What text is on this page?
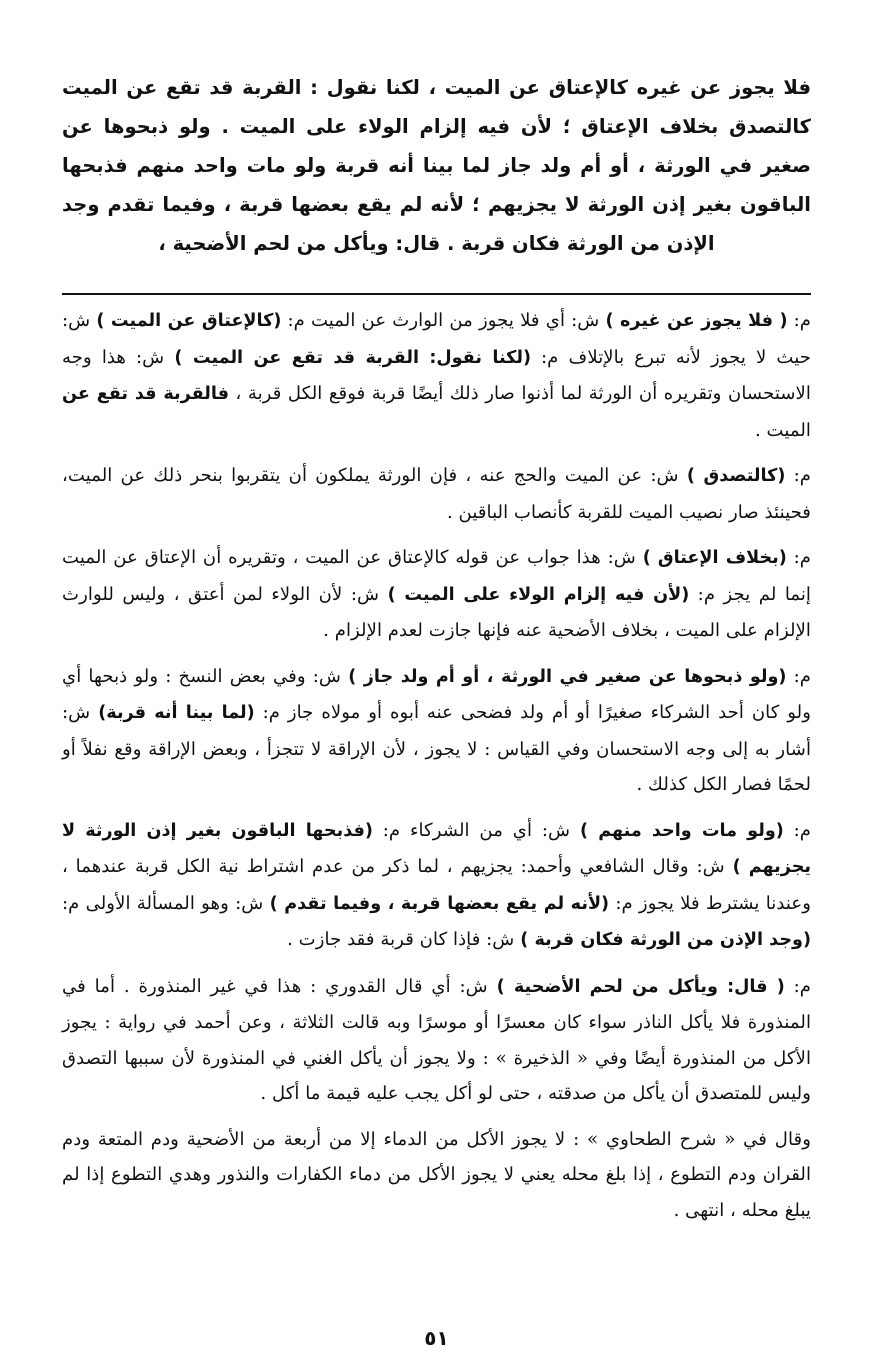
فلا يجوز عن غيره كالإعتاق عن الميت ، لكنا نقول : القربة قد تقع عن الميت كالتصدق بخلاف الإعتاق ؛ لأن فيه إلزام الولاء على الميت . ولو ذبحوها عن صغير في الورثة ، أو أم ولد جاز لما بينا أنه قربة ولو مات واحد منهم فذبحها الباقون بغير إذن الورثة لا يجزيهم ؛ لأنه لم يقع بعضها قربة ، وفيما تقدم وجد الإذن من الورثة فكان قربة . قال: ويأكل من لحم الأضحية ،

م: ( فلا يجوز عن غيره ) ش: أي فلا يجوز من الوارث عن الميت م: (كالإعتاق عن الميت ) ش: حيث لا يجوز لأنه تبرع بالإتلاف م: (لكنا نقول: القربة قد تقع عن الميت ) ش: هذا وجه الاستحسان وتقريره أن الورثة لما أذنوا صار ذلك أيضًا قربة فوقع الكل قربة ، فالقربة قد تقع عن الميت .

م: (كالتصدق ) ش: عن الميت والحج عنه ، فإن الورثة يملكون أن يتقربوا بنحر ذلك عن الميت، فحينئذ صار نصيب الميت للقربة كأنصاب الباقين .

م: (بخلاف الإعتاق ) ش: هذا جواب عن قوله كالإعتاق عن الميت ، وتقريره أن الإعتاق عن الميت إنما لم يجز م: (لأن فيه إلزام الولاء على الميت ) ش: لأن الولاء لمن أعتق ، وليس للوارث الإلزام على الميت ، بخلاف الأضحية عنه فإنها جازت لعدم الإلزام .

م: (ولو ذبحوها عن صغير في الورثة ، أو أم ولد جاز ) ش: وفي بعض النسخ : ولو ذبحها أي ولو كان أحد الشركاء صغيرًا أو أم ولد فضحى عنه أبوه أو مولاه جاز م: (لما بينا أنه قربة) ش: أشار به إلى وجه الاستحسان وفي القياس : لا يجوز ، لأن الإراقة لا تتجزأ ، وبعض الإراقة وقع نفلاً أو لحمًا فصار الكل كذلك .

م: (ولو مات واحد منهم ) ش: أي من الشركاء م: (فذبحها الباقون بغير إذن الورثة لا يجزيهم ) ش: وقال الشافعي وأحمد: يجزيهم ، لما ذكر من عدم اشتراط نية الكل قربة عندهما ، وعندنا يشترط فلا يجوز م: (لأنه لم يقع بعضها قربة ، وفيما تقدم ) ش: وهو المسألة الأولى م: (وجد الإذن من الورثة فكان قربة ) ش: فإذا كان قربة فقد جازت .

م: ( قال: ويأكل من لحم الأضحية ) ش: أي قال القدوري : هذا في غير المنذورة . أما في المنذورة فلا يأكل الناذر سواء كان معسرًا أو موسرًا وبه قالت الثلاثة ، وعن أحمد في رواية : يجوز الأكل من المنذورة أيضًا وفي « الذخيرة » : ولا يجوز أن يأكل الغني في المنذورة لأن سببها التصدق وليس للمتصدق أن يأكل من صدقته ، حتى لو أكل يجب عليه قيمة ما أكل .

وقال في « شرح الطحاوي » : لا يجوز الأكل من الدماء إلا من أربعة من الأضحية ودم المتعة ودم القران ودم التطوع ، إذا بلغ محله يعني لا يجوز الأكل من دماء الكفارات والنذور وهدي التطوع إذا لم يبلغ محله ، انتهى .

٥١
